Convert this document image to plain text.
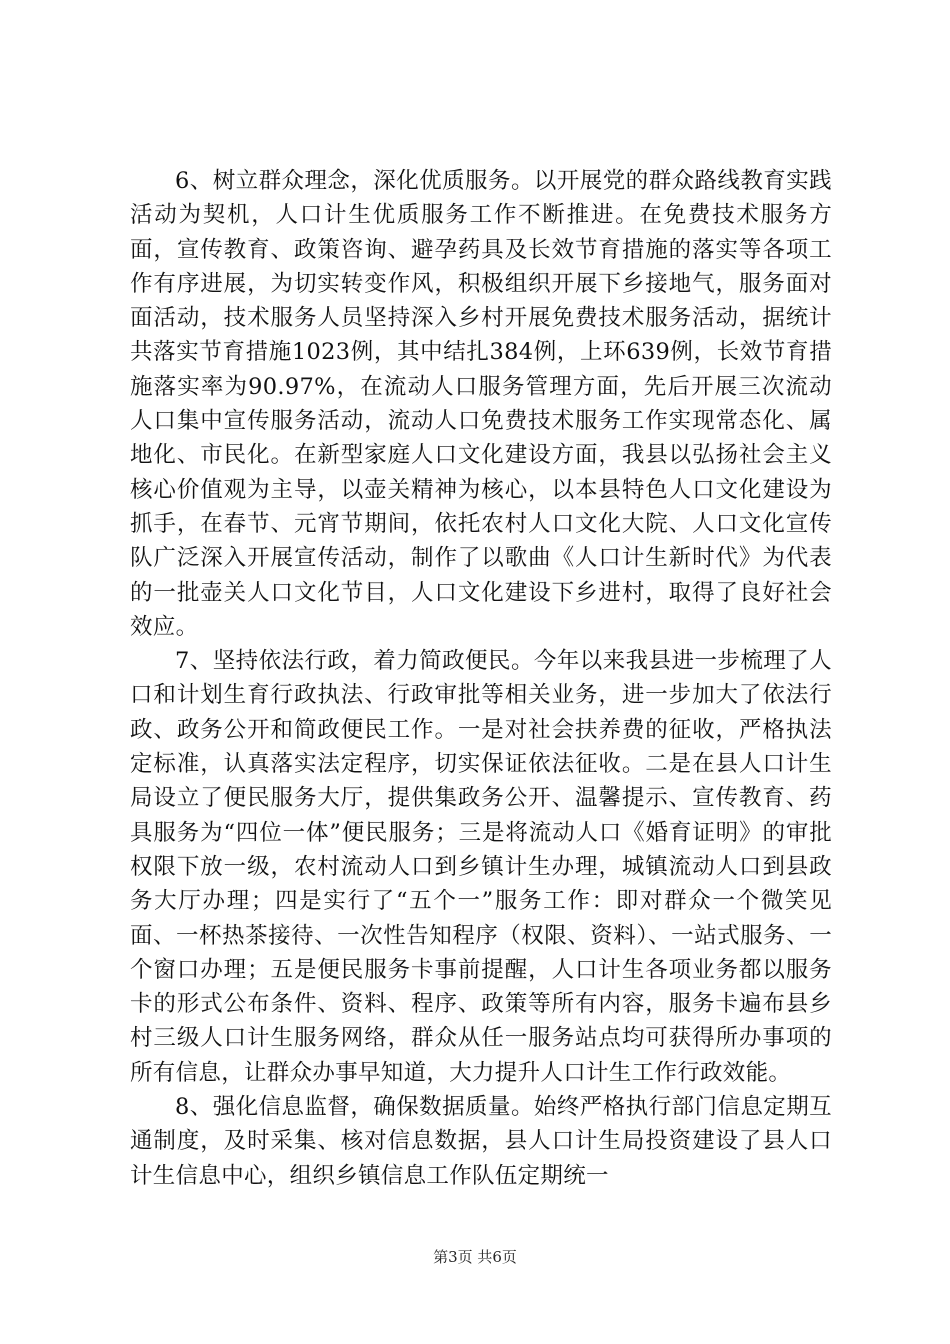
6、树立群众理念，深化优质服务。以开展党的群众路线教育实践活动为契机，人口计生优质服务工作不断推进。在免费技术服务方面，宣传教育、政策咨询、避孕药具及长效节育措施的落实等各项工作有序进展，为切实转变作风，积极组织开展下乡接地气，服务面对面活动，技术服务人员坚持深入乡村开展免费技术服务活动，据统计共落实节育措施1023例，其中结扎384例，上环639例，长效节育措施落实率为90.97%，在流动人口服务管理方面，先后开展三次流动人口集中宣传服务活动，流动人口免费技术服务工作实现常态化、属地化、市民化。在新型家庭人口文化建设方面，我县以弘扬社会主义核心价值观为主导，以壶关精神为核心，以本县特色人口文化建设为抓手，在春节、元宵节期间，依托农村人口文化大院、人口文化宣传队广泛深入开展宣传活动，制作了以歌曲《人口计生新时代》为代表的一批壶关人口文化节目，人口文化建设下乡进村，取得了良好社会效应。

7、坚持依法行政，着力简政便民。今年以来我县进一步梳理了人口和计划生育行政执法、行政审批等相关业务，进一步加大了依法行政、政务公开和简政便民工作。一是对社会扶养费的征收，严格执法定标准，认真落实法定程序，切实保证依法征收。二是在县人口计生局设立了便民服务大厅，提供集政务公开、温馨提示、宣传教育、药具服务为“四位一体”便民服务；三是将流动人口《婚育证明》的审批权限下放一级，农村流动人口到乡镇计生办理，城镇流动人口到县政务大厅办理；四是实行了“五个一”服务工作：即对群众一个微笑见面、一杯热茶接待、一次性告知程序（权限、资料）、一站式服务、一个窗口办理；五是便民服务卡事前提醒，人口计生各项业务都以服务卡的形式公布条件、资料、程序、政策等所有内容，服务卡遍布县乡村三级人口计生服务网络，群众从任一服务站点均可获得所办事项的所有信息，让群众办事早知道，大力提升人口计生工作行政效能。

8、强化信息监督，确保数据质量。始终严格执行部门信息定期互通制度，及时采集、核对信息数据，县人口计生局投资建设了县人口计生信息中心，组织乡镇信息工作队伍定期统一

第3页 共6页
